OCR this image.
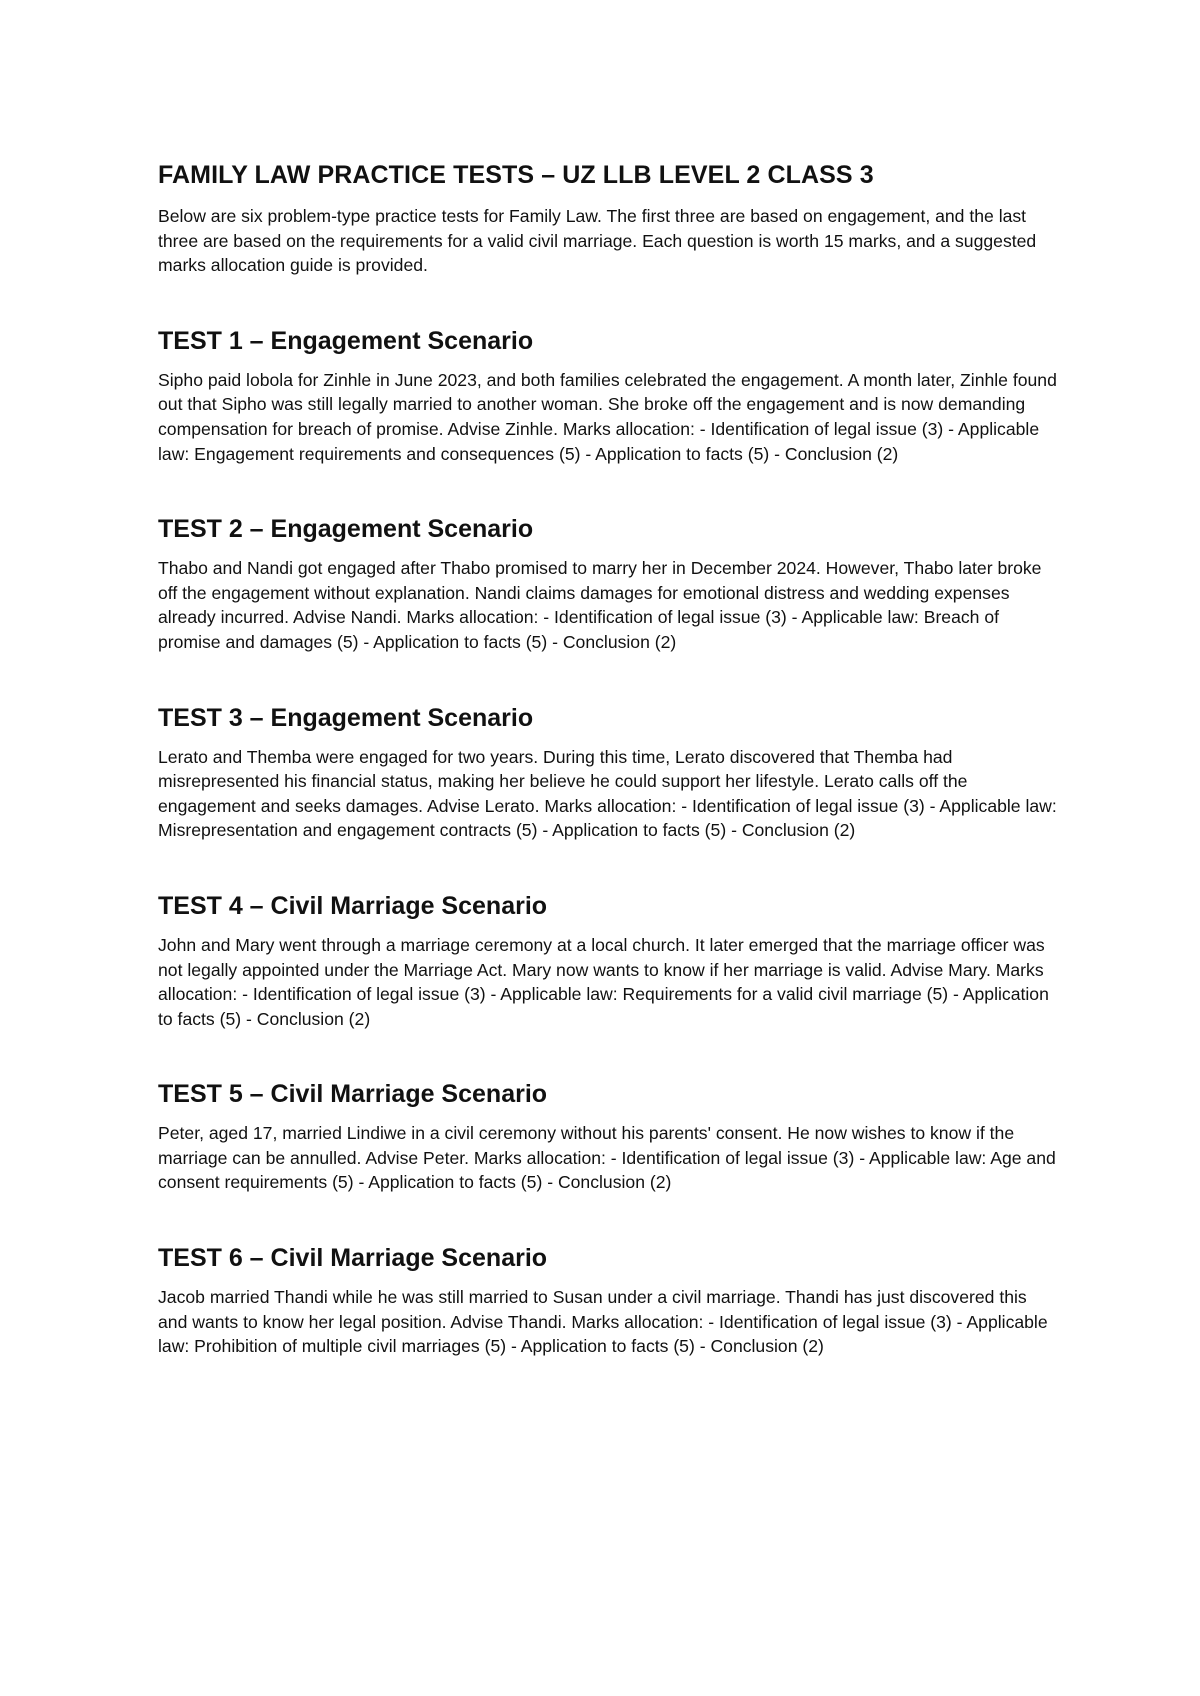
FAMILY LAW PRACTICE TESTS – UZ LLB LEVEL 2 CLASS 3

Below are six problem-type practice tests for Family Law. The first three are based on engagement, and the last three are based on the requirements for a valid civil marriage. Each question is worth 15 marks, and a suggested marks allocation guide is provided.

TEST 1 – Engagement Scenario

Sipho paid lobola for Zinhle in June 2023, and both families celebrated the engagement. A month later, Zinhle found out that Sipho was still legally married to another woman. She broke off the engagement and is now demanding compensation for breach of promise. Advise Zinhle. Marks allocation: - Identification of legal issue (3) - Applicable law: Engagement requirements and consequences (5) - Application to facts (5) - Conclusion (2)

TEST 2 – Engagement Scenario

Thabo and Nandi got engaged after Thabo promised to marry her in December 2024. However, Thabo later broke off the engagement without explanation. Nandi claims damages for emotional distress and wedding expenses already incurred. Advise Nandi. Marks allocation: - Identification of legal issue (3) - Applicable law: Breach of promise and damages (5) - Application to facts (5) - Conclusion (2)

TEST 3 – Engagement Scenario

Lerato and Themba were engaged for two years. During this time, Lerato discovered that Themba had misrepresented his financial status, making her believe he could support her lifestyle. Lerato calls off the engagement and seeks damages. Advise Lerato. Marks allocation: - Identification of legal issue (3) - Applicable law: Misrepresentation and engagement contracts (5) - Application to facts (5) - Conclusion (2)

TEST 4 – Civil Marriage Scenario

John and Mary went through a marriage ceremony at a local church. It later emerged that the marriage officer was not legally appointed under the Marriage Act. Mary now wants to know if her marriage is valid. Advise Mary. Marks allocation: - Identification of legal issue (3) - Applicable law: Requirements for a valid civil marriage (5) - Application to facts (5) - Conclusion (2)

TEST 5 – Civil Marriage Scenario

Peter, aged 17, married Lindiwe in a civil ceremony without his parents' consent. He now wishes to know if the marriage can be annulled. Advise Peter. Marks allocation: - Identification of legal issue (3) - Applicable law: Age and consent requirements (5) - Application to facts (5) - Conclusion (2)

TEST 6 – Civil Marriage Scenario

Jacob married Thandi while he was still married to Susan under a civil marriage. Thandi has just discovered this and wants to know her legal position. Advise Thandi. Marks allocation: - Identification of legal issue (3) - Applicable law: Prohibition of multiple civil marriages (5) - Application to facts (5) - Conclusion (2)
